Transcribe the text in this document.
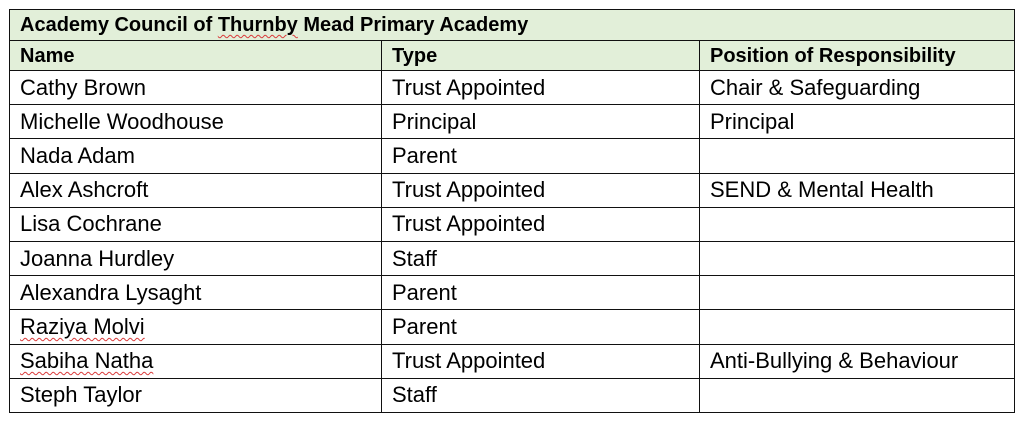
Academy Council of Thurnby Mead Primary Academy		
Name	Type	Position of Responsibility
Cathy Brown	Trust Appointed	Chair & Safeguarding
Michelle Woodhouse	Principal	Principal
Nada Adam	Parent	
Alex Ashcroft	Trust Appointed	SEND & Mental Health
Lisa Cochrane	Trust Appointed	
Joanna Hurdley	Staff	
Alexandra Lysaght	Parent	
Raziya Molvi	Parent	
Sabiha Natha	Trust Appointed	Anti-Bullying & Behaviour
Steph Taylor	Staff	
